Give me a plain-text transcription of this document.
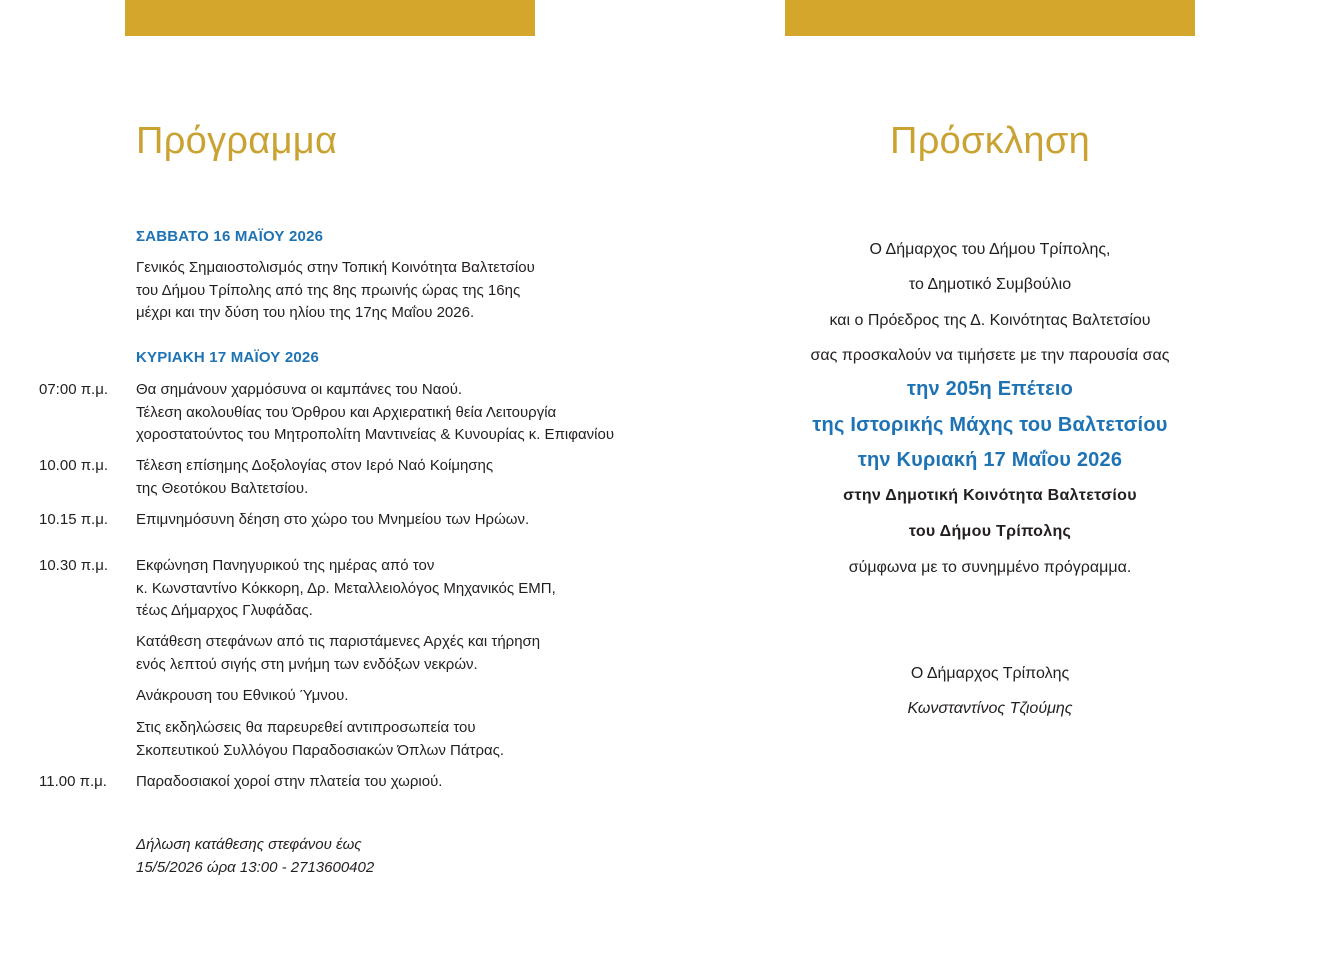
Πρόγραμμα
ΣΑΒΒΑΤΟ 16 ΜΑΪΟΥ 2026
Γενικός Σημαιοστολισμός στην Τοπική Κοινότητα Βαλτετσίου
του Δήμου Τρίπολης από της 8ης πρωινής ώρας της 16ης
μέχρι και την δύση του ηλίου της 17ης Μαΐου 2026.
ΚΥΡΙΑΚΗ 17 ΜΑΪΟΥ 2026
07:00 π.μ. Θα σημάνουν χαρμόσυνα οι καμπάνες του Ναού.
Τέλεση ακολουθίας του Όρθρου και Αρχιερατική θεία Λειτουργία
χοροστατούντος του Μητροπολίτη Μαντινείας & Κυνουρίας κ. Επιφανίου
10.00 π.μ. Τέλεση επίσημης Δοξολογίας στον Ιερό Ναό Κοίμησης
της Θεοτόκου Βαλτετσίου.
10.15 π.μ. Επιμνημόσυνη δέηση στο χώρο του Μνημείου των Ηρώων.
10.30 π.μ. Εκφώνηση Πανηγυρικού της ημέρας από τον
κ. Κωνσταντίνο Κόκκορη, Δρ. Μεταλλειολόγος Μηχανικός ΕΜΠ,
τέως Δήμαρχος Γλυφάδας.
Κατάθεση στεφάνων από τις παριστάμενες Αρχές και τήρηση
ενός λεπτού σιγής στη μνήμη των ενδόξων νεκρών.
Ανάκρουση του Εθνικού Ύμνου.
Στις εκδηλώσεις θα παρευρεθεί αντιπροσωπεία του
Σκοπευτικού Συλλόγου Παραδοσιακών Όπλων Πάτρας.
11.00 π.μ. Παραδοσιακοί χοροί στην πλατεία του χωριού.
Δήλωση κατάθεσης στεφάνου έως
15/5/2026 ώρα 13:00 - 2713600402
Πρόσκληση
Ο Δήμαρχος του Δήμου Τρίπολης,
το Δημοτικό Συμβούλιο
και ο Πρόεδρος της Δ. Κοινότητας Βαλτετσίου
σας προσκαλούν να τιμήσετε με την παρουσία σας
την 205η Επέτειο
της Ιστορικής Μάχης του Βαλτετσίου
την Κυριακή 17 Μαΐου 2026
στην Δημοτική Κοινότητα Βαλτετσίου
του Δήμου Τρίπολης
σύμφωνα με το συνημμένο πρόγραμμα.
Ο Δήμαρχος Τρίπολης
Κωνσταντίνος Τζιούμης
